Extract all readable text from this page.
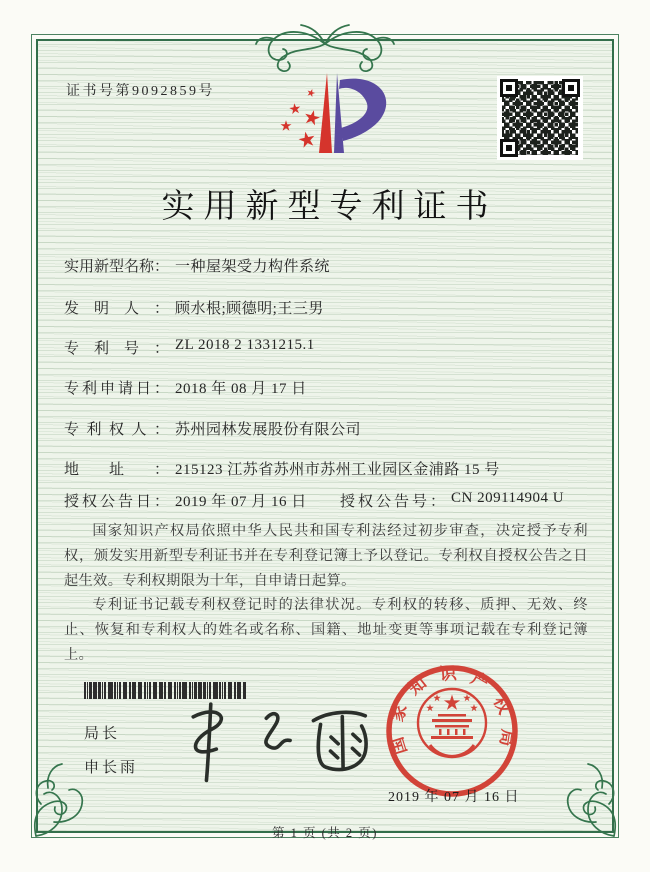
证书号第9092859号
实用新型专利证书
实用新型名称： 一种屋架受力构件系统
发明人： 顾水根;顾德明;王三男
专利号： ZL 2018 2 1331215.1
专利申请日： 2018 年 08 月 17 日
专利权人： 苏州园林发展股份有限公司
地址： 215123 江苏省苏州市苏州工业园区金浦路 15 号
授权公告日： 2019 年 07 月 16 日 授权公告号： CN 209114904 U

国家知识产权局依照中华人民共和国专利法经过初步审查，决定授予专利权，颁发实用新型专利证书并在专利登记簿上予以登记。专利权自授权公告之日起生效。专利权期限为十年，自申请日起算。

专利证书记载专利权登记时的法律状况。专利权的转移、质押、无效、终止、恢复和专利权人的姓名或名称、国籍、地址变更等事项记载在专利登记簿上。

局长
申长雨
国家知识产权局
2019 年 07 月 16 日
第 1 页 (共 2 页)
